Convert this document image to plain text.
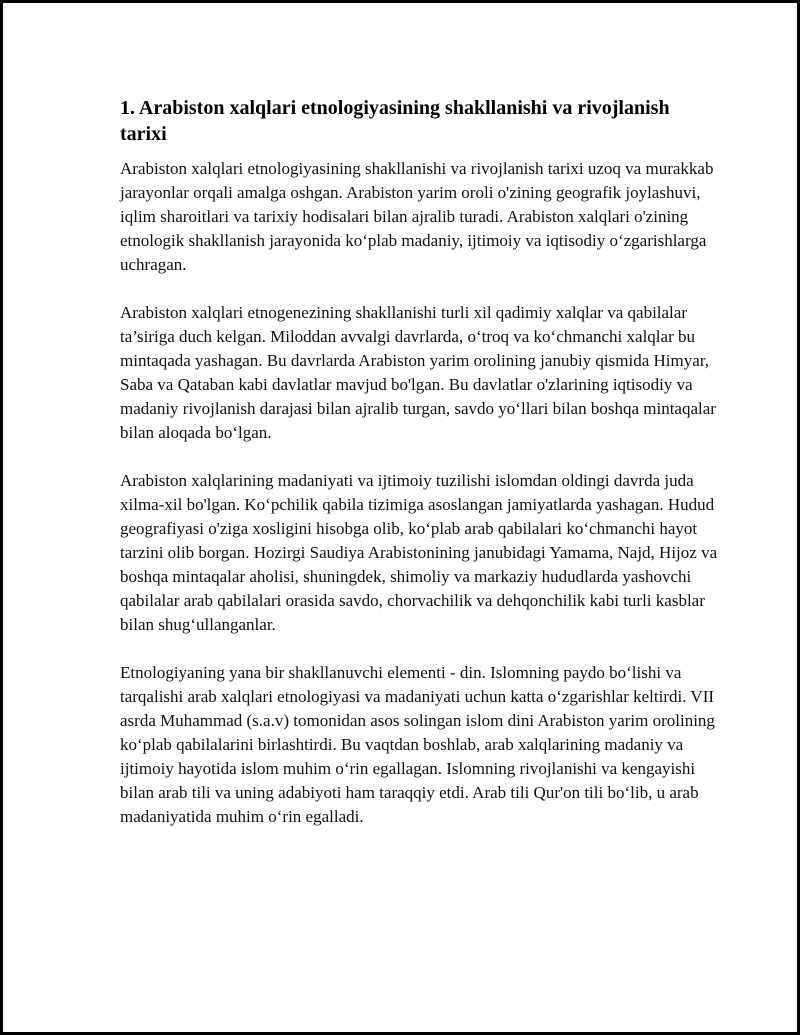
1. Arabiston xalqlari etnologiyasining shakllanishi va rivojlanish tarixi

Arabiston xalqlari etnologiyasining shakllanishi va rivojlanish tarixi uzoq va murakkab jarayonlar orqali amalga oshgan. Arabiston yarim oroli o'zining geografik joylashuvi, iqlim sharoitlari va tarixiy hodisalari bilan ajralib turadi. Arabiston xalqlari o'zining etnologik shakllanish jarayonida ko‘plab madaniy, ijtimoiy va iqtisodiy o‘zgarishlarga uchragan.

Arabiston xalqlari etnogenezining shakllanishi turli xil qadimiy xalqlar va qabilalar ta’siriga duch kelgan. Miloddan avvalgi davrlarda, o‘troq va ko‘chmanchi xalqlar bu mintaqada yashagan. Bu davrlarda Arabiston yarim orolining janubiy qismida Himyar, Saba va Qataban kabi davlatlar mavjud bo'lgan. Bu davlatlar o'zlarining iqtisodiy va madaniy rivojlanish darajasi bilan ajralib turgan, savdo yo‘llari bilan boshqa mintaqalar bilan aloqada bo‘lgan.

Arabiston xalqlarining madaniyati va ijtimoiy tuzilishi islomdan oldingi davrda juda xilma-xil bo'lgan. Ko‘pchilik qabila tizimiga asoslangan jamiyatlarda yashagan. Hudud geografiyasi o'ziga xosligini hisobga olib, ko‘plab arab qabilalari ko‘chmanchi hayot tarzini olib borgan. Hozirgi Saudiya Arabistonining janubidagi Yamama, Najd, Hijoz va boshqa mintaqalar aholisi, shuningdek, shimoliy va markaziy hududlarda yashovchi qabilalar arab qabilalari orasida savdo, chorvachilik va dehqonchilik kabi turli kasblar bilan shug‘ullanganlar.

Etnologiyaning yana bir shakllanuvchi elementi - din. Islomning paydo bo‘lishi va tarqalishi arab xalqlari etnologiyasi va madaniyati uchun katta o‘zgarishlar keltirdi. VII asrda Muhammad (s.a.v) tomonidan asos solingan islom dini Arabiston yarim orolining ko‘plab qabilalarini birlashtirdi. Bu vaqtdan boshlab, arab xalqlarining madaniy va ijtimoiy hayotida islom muhim o‘rin egallagan. Islomning rivojlanishi va kengayishi bilan arab tili va uning adabiyoti ham taraqqiy etdi. Arab tili Qur'on tili bo‘lib, u arab madaniyatida muhim o‘rin egalladi.
